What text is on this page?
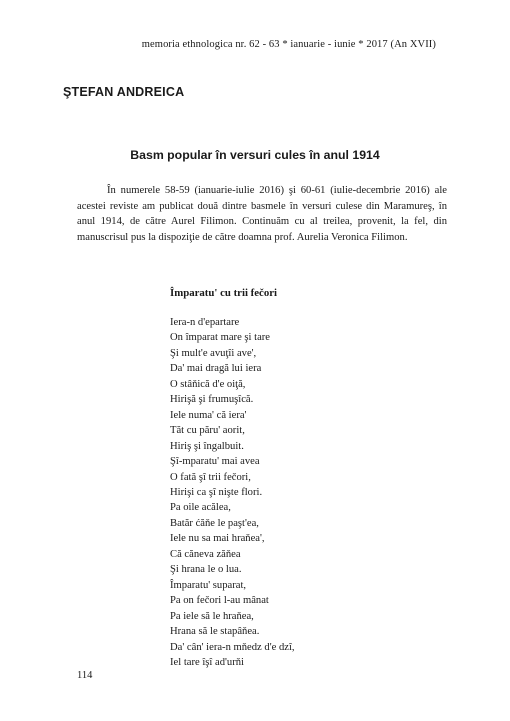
memoria ethnologica nr. 62 - 63 * ianuarie - iunie * 2017 (An XVII)
ŞTEFAN ANDREICA
Basm popular în versuri cules în anul 1914

În numerele 58-59 (ianuarie-iulie 2016) şi 60-61 (iulie-decembrie 2016) ale acestei reviste am publicat două dintre basmele în versuri culese din Maramureş, în anul 1914, de către Aurel Filimon. Continuăm cu al treilea, provenit, la fel, din manuscrisul pus la dispoziţie de către doamna prof. Aurelia Veronica Filimon.

Împaratu' cu trii fečori
Iera-n d'epartare
On împarat mare şi tare
Şi mult'e avuţîi ave',
Da' mai dragă lui iera
O stâňică d'e oiţă,
Hirişă şi frumuşîcă.
Iele numa' că iera'
Tăt cu păru' aorit,
Hiriş şi îngalbuit.
Şî-mparatu' mai avea
O fată şî trii fečori,
Hirişi ca şî nişte flori.
Pa oile acălea,
Batăr ćăňe le paşt'ea,
Iele nu sa mai hraňea',
Că căneva zăňea
Şi hrana le o lua.
Împaratu' suparat,
Pa on fečori l-au mânat
Pa iele să le hraňea,
Hrana să le stapâňea.
Da' cân' iera-n mňedz d'e dzî,
Iel tare îşî ad'urňi
114
